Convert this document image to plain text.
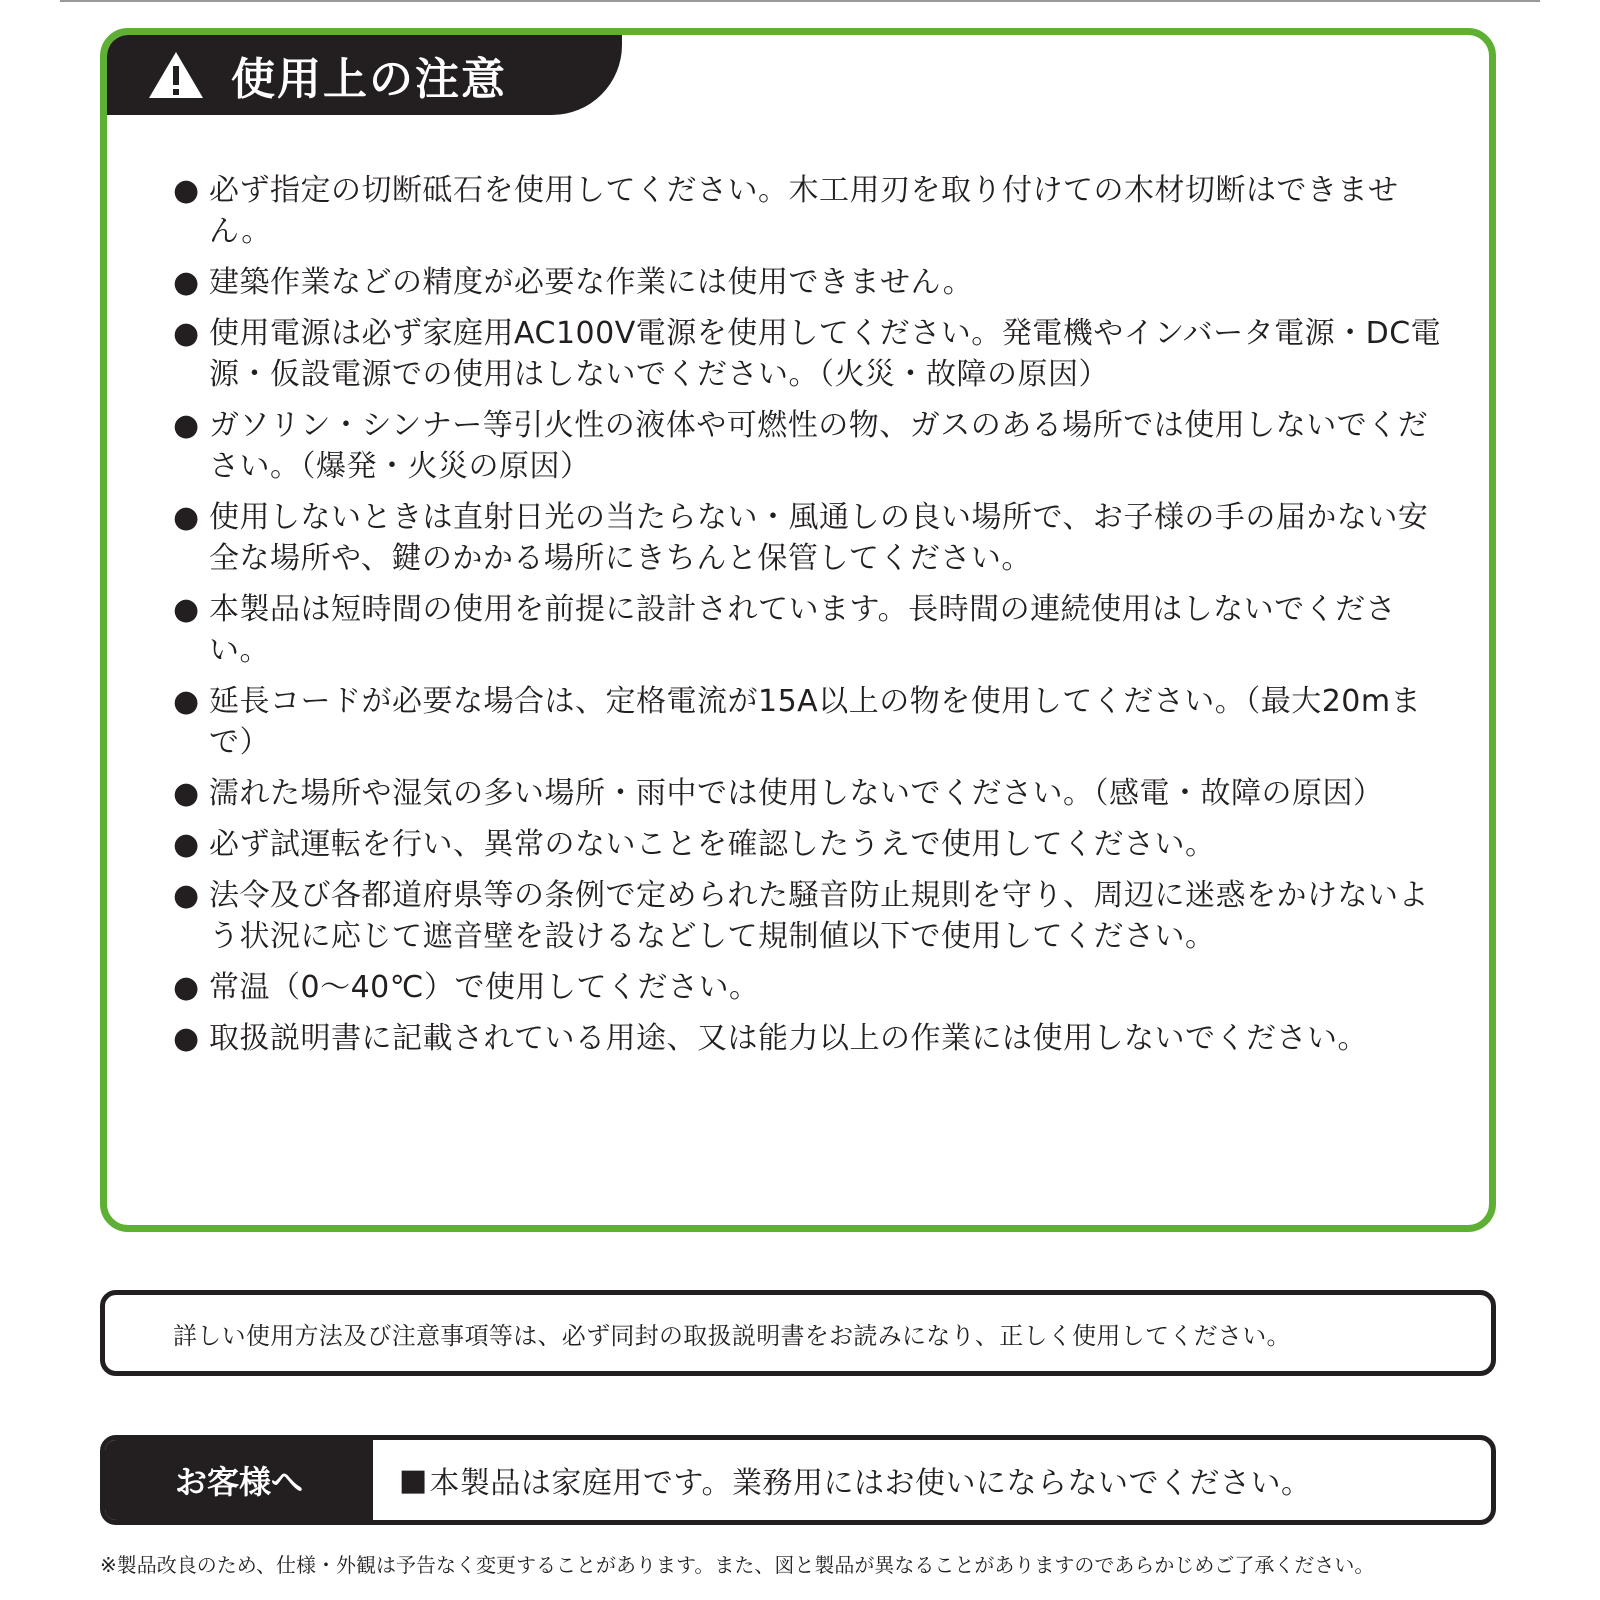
使用上の注意
● 必ず指定の切断砥石を使用してください。木工用刃を取り付けての木材切断はできません。
● 建築作業などの精度が必要な作業には使用できません。
● 使用電源は必ず家庭用AC100V電源を使用してください。発電機やインバータ電源・DC電源・仮設電源での使用はしないでください。（火災・故障の原因）
● ガソリン・シンナー等引火性の液体や可燃性の物、ガスのある場所では使用しないでください。（爆発・火災の原因）
● 使用しないときは直射日光の当たらない・風通しの良い場所で、お子様の手の届かない安全な場所や、鍵のかかる場所にきちんと保管してください。
● 本製品は短時間の使用を前提に設計されています。長時間の連続使用はしないでください。
● 延長コードが必要な場合は、定格電流が15A以上の物を使用してください。（最大20mまで）
● 濡れた場所や湿気の多い場所・雨中では使用しないでください。（感電・故障の原因）
● 必ず試運転を行い、異常のないことを確認したうえで使用してください。
● 法令及び各都道府県等の条例で定められた騒音防止規則を守り、周辺に迷惑をかけないよう状況に応じて遮音壁を設けるなどして規制値以下で使用してください。
● 常温（0〜40℃）で使用してください。
● 取扱説明書に記載されている用途、又は能力以上の作業には使用しないでください。
詳しい使用方法及び注意事項等は、必ず同封の取扱説明書をお読みになり、正しく使用してください。
お客様へ	■ 本製品は家庭用です。業務用にはお使いにならないでください。
※製品改良のため、仕様・外観は予告なく変更することがあります。また、図と製品が異なることがありますのであらかじめご了承ください。
